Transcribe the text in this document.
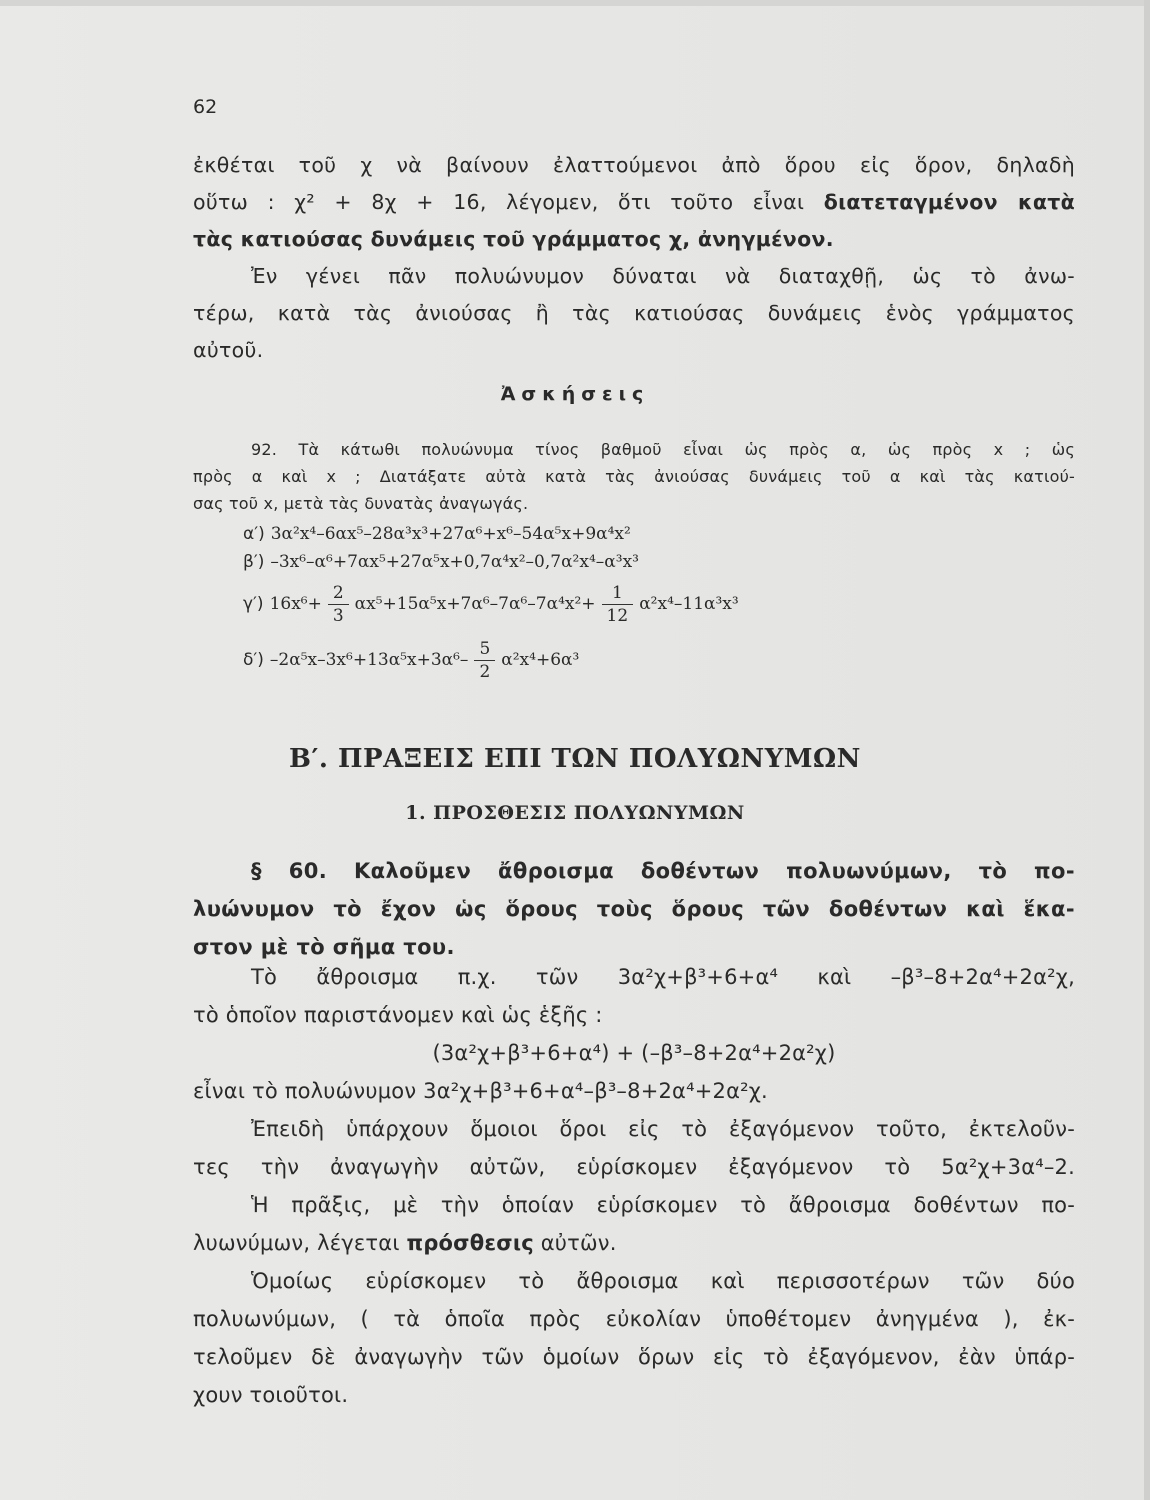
62
ἐκθέται τοῦ χ νὰ βαίνουν ἐλαττούμενοι ἀπὸ ὅρου εἰς ὅρον, δηλαδὴ
οὕτω : χ² + 8χ + 16, λέγομεν, ὅτι τοῦτο εἶναι διατεταγμένον κατὰ
τὰς κατιούσας δυνάμεις τοῦ γράμματος χ, ἀνηγμένον.
Ἐν γένει πᾶν πολυώνυμον δύναται νὰ διαταχθῇ, ὡς τὸ ἀνω-
τέρω, κατὰ τὰς ἀνιούσας ἢ τὰς κατιούσας δυνάμεις ἑνὸς γράμματος
αὐτοῦ.
Ἀσκήσεις
92. Τὰ κάτωθι πολυώνυμα τίνος βαθμοῦ εἶναι ὡς πρὸς α, ὡς πρὸς x ; ὡς
πρὸς α καὶ x ; Διατάξατε αὐτὰ κατὰ τὰς ἀνιούσας δυνάμεις τοῦ α καὶ τὰς κατιού-
σας τοῦ x, μετὰ τὰς δυνατὰς ἀναγωγάς.
α′) 3α²x⁴–6αx⁵–28α³x³+27α⁶+x⁶–54α⁵x+9α⁴x²
β′) –3x⁶–α⁶+7αx⁵+27α⁵x+0,7α⁴x²–0,7α²x⁴–α³x³
γ′) $16x^6+ \frac{2}{3} \alpha x^5+15\alpha^5x+7\alpha^6-7\alpha^6-7\alpha^4x^2+ \frac{1}{12} \alpha^2x^4-11\alpha^3x^3$
δ′) $-2\alpha^5x-3x^6+13\alpha^5x+3\alpha^6- \frac{5}{2} \alpha^2x^4+6\alpha^3$
Β′. ΠΡΑΞΕΙΣ ΕΠΙ ΤΩΝ ΠΟΛΥΩΝΥΜΩΝ
1. ΠΡΟΣΘΕΣΙΣ ΠΟΛΥΩΝΥΜΩΝ
§ 60. Καλοῦμεν ἄθροισμα δοθέντων πολυωνύμων, τὸ πο-
λυώνυμον τὸ ἔχον ὡς ὅρους τοὺς ὅρους τῶν δοθέντων καὶ ἕκα-
στον μὲ τὸ σῆμα του.
Τὸ ἄθροισμα π.χ. τῶν 3α²χ+β³+6+α⁴ καὶ –β³–8+2α⁴+2α²χ,
τὸ ὁποῖον παριστάνομεν καὶ ὡς ἑξῆς :
(3α²χ+β³+6+α⁴) + (–β³–8+2α⁴+2α²χ)
εἶναι τὸ πολυώνυμον 3α²χ+β³+6+α⁴–β³–8+2α⁴+2α²χ.
Ἐπειδὴ ὑπάρχουν ὅμοιοι ὅροι εἰς τὸ ἐξαγόμενον τοῦτο, ἐκτελοῦν-
τες τὴν ἀναγωγὴν αὐτῶν, εὑρίσκομεν ἐξαγόμενον τὸ 5α²χ+3α⁴–2.
Ἡ πρᾶξις, μὲ τὴν ὁποίαν εὑρίσκομεν τὸ ἄθροισμα δοθέντων πο-
λυωνύμων, λέγεται πρόσθεσις αὐτῶν.
Ὁμοίως εὑρίσκομεν τὸ ἄθροισμα καὶ περισσοτέρων τῶν δύο
πολυωνύμων, ( τὰ ὁποῖα πρὸς εὐκολίαν ὑποθέτομεν ἀνηγμένα ), ἐκ-
τελοῦμεν δὲ ἀναγωγὴν τῶν ὁμοίων ὅρων εἰς τὸ ἐξαγόμενον, ἐὰν ὑπάρ-
χουν τοιοῦτοι.
